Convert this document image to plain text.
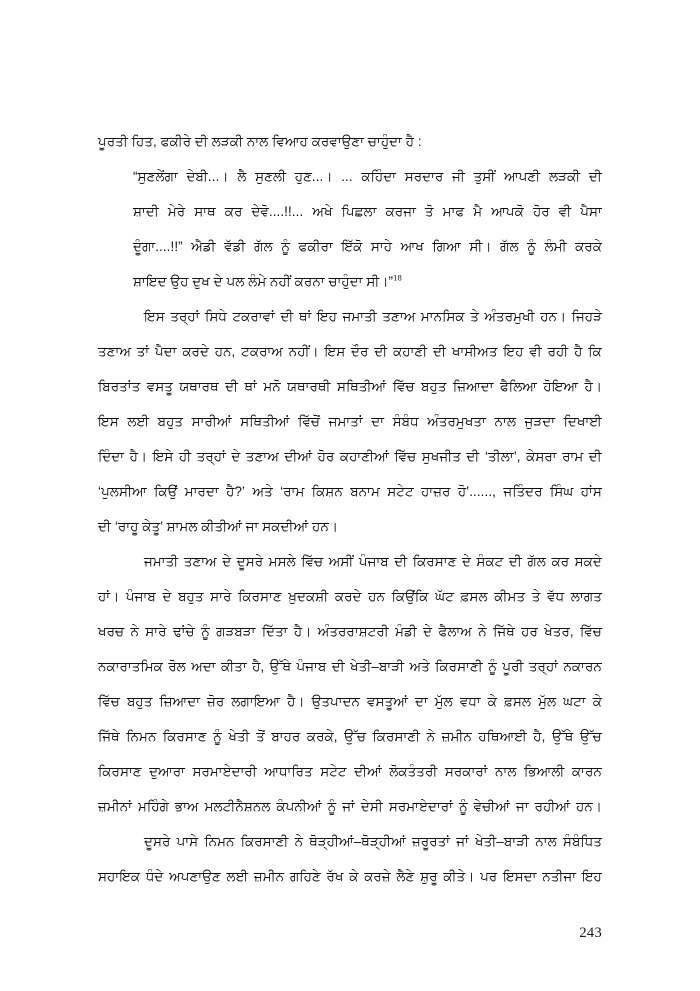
ਪੂਰਤੀ ਹਿਤ, ਫਕੀਰੇ ਦੀ ਲੜਕੀ ਨਾਲ ਵਿਆਹ ਕਰਵਾਉਣਾ ਚਾਹੁੰਦਾ ਹੈ :
“ਸੁਣਲੇਂਗਾ ਦੇਬੀ...। ਲੈ ਸੁਣਲੀ ਹੁਣ...। ... ਕਹਿੰਦਾ ਸਰਦਾਰ ਜੀ ਤੁਸੀਂ ਆਪਣੀ ਲੜਕੀ ਦੀ
ਸ਼ਾਦੀ ਮੇਰੇ ਸਾਥ ਕਰ ਦੇਵੋ....!!... ਅਖੇ ਪਿਛਲਾ ਕਰਜਾ ਤੋ ਮਾਫ ਮੈ ਆਪਕੋ ਹੋਰ ਵੀ ਪੈਸਾ
ਦੂੰਗਾ....!!” ਐਡੀ ਵੱਡੀ ਗੱਲ ਨੂੰ ਫਕੀਰਾ ਇੱਕੋ ਸਾਹੇ ਆਖ ਗਿਆ ਸੀ। ਗੱਲ ਨੂੰ ਲੰਮੀ ਕਰਕੇ
ਸ਼ਾਇਦ ਉਹ ਦੁਖ ਦੇ ਪਲ ਲੰਮੇ ਨਹੀਂ ਕਰਨਾ ਚਾਹੁੰਦਾ ਸੀ।”$^{18}$
ਇਸ ਤਰ੍ਹਾਂ ਸਿਧੇ ਟਕਰਾਵਾਂ ਦੀ ਥਾਂ ਇਹ ਜਮਾਤੀ ਤਣਾਅ ਮਾਨਸਿਕ ਤੇ ਅੰਤਰਮੁਖੀ ਹਨ। ਜਿਹੜੇ
ਤਣਾਅ ਤਾਂ ਪੈਦਾ ਕਰਦੇ ਹਨ, ਟਕਰਾਅ ਨਹੀਂ। ਇਸ ਦੌਰ ਦੀ ਕਹਾਣੀ ਦੀ ਖਾਸੀਅਤ ਇਹ ਵੀ ਰਹੀ ਹੈ ਕਿ
ਬਿਰਤਾਂਤ ਵਸਤੂ ਯਥਾਰਥ ਦੀ ਥਾਂ ਮਨੋ ਯਥਾਰਥੀ ਸਥਿਤੀਆਂ ਵਿੱਚ ਬਹੁਤ ਜ਼ਿਆਦਾ ਫੈਲਿਆ ਹੋਇਆ ਹੈ।
ਇਸ ਲਈ ਬਹੁਤ ਸਾਰੀਆਂ ਸਥਿਤੀਆਂ ਵਿੱਚੋਂ ਜਮਾਤਾਂ ਦਾ ਸੰਬੰਧ ਅੰਤਰਮੁਖਤਾ ਨਾਲ ਜੁੜਦਾ ਦਿਖਾਈ
ਦਿੰਦਾ ਹੈ। ਇਸੇ ਹੀ ਤਰ੍ਹਾਂ ਦੇ ਤਣਾਅ ਦੀਆਂ ਹੋਰ ਕਹਾਣੀਆਂ ਵਿੱਚ ਸੁਖਜੀਤ ਦੀ ‘ਤੀਲਾ’, ਕੇਸਰਾ ਰਾਮ ਦੀ
‘ਪੁਲਸੀਆ ਕਿਉਂ ਮਾਰਦਾ ਹੈ?’ ਅਤੇ ‘ਰਾਮ ਕਿਸ਼ਨ ਬਨਾਮ ਸਟੇਟ ਹਾਜ਼ਰ ਹੋ’......, ਜਤਿੰਦਰ ਸਿੰਘ ਹਾਂਸ
ਦੀ ‘ਰਾਹੂ ਕੇਤੂ’ ਸ਼ਾਮਲ ਕੀਤੀਆਂ ਜਾ ਸਕਦੀਆਂ ਹਨ।
ਜਮਾਤੀ ਤਣਾਅ ਦੇ ਦੂਸਰੇ ਮਸਲੇ ਵਿੱਚ ਅਸੀਂ ਪੰਜਾਬ ਦੀ ਕਿਰਸਾਣ ਦੇ ਸੰਕਟ ਦੀ ਗੱਲ ਕਰ ਸਕਦੇ
ਹਾਂ। ਪੰਜਾਬ ਦੇ ਬਹੁਤ ਸਾਰੇ ਕਿਰਸਾਣ ਖ਼ੁਦਕਸ਼ੀ ਕਰਦੇ ਹਨ ਕਿਉਂਕਿ ਘੱਟ ਫ਼ਸਲ ਕੀਮਤ ਤੇ ਵੱਧ ਲਾਗਤ
ਖਰਚ ਨੇ ਸਾਰੇ ਢਾਂਚੇ ਨੂੰ ਗੜਬੜਾ ਦਿੱਤਾ ਹੈ। ਅੰਤਰਰਾਸ਼ਟਰੀ ਮੰਡੀ ਦੇ ਫੈਲਾਅ ਨੇ ਜਿੱਥੇ ਹਰ ਖੇਤਰ, ਵਿੱਚ
ਨਕਾਰਾਤਮਿਕ ਰੋਲ ਅਦਾ ਕੀਤਾ ਹੈ, ਉੱਥੇ ਪੰਜਾਬ ਦੀ ਖੇਤੀ–ਬਾੜੀ ਅਤੇ ਕਿਰਸਾਣੀ ਨੂੰ ਪੂਰੀ ਤਰ੍ਹਾਂ ਨਕਾਰਨ
ਵਿੱਚ ਬਹੁਤ ਜ਼ਿਆਦਾ ਜ਼ੋਰ ਲਗਾਇਆ ਹੈ। ਉਤਪਾਦਨ ਵਸਤੂਆਂ ਦਾ ਮੁੱਲ ਵਧਾ ਕੇ ਫ਼ਸਲ ਮੁੱਲ ਘਟਾ ਕੇ
ਜਿੱਥੇ ਨਿਮਨ ਕਿਰਸਾਣ ਨੂੰ ਖੇਤੀ ਤੋਂ ਬਾਹਰ ਕਰਕੇ, ਉੱਚ ਕਿਰਸਾਣੀ ਨੇ ਜ਼ਮੀਨ ਹਥਿਆਈ ਹੈ, ਉੱਥੇ ਉੱਚ
ਕਿਰਸਾਣ ਦੁਆਰਾ ਸਰਮਾਏਦਾਰੀ ਆਧਾਰਿਤ ਸਟੇਟ ਦੀਆਂ ਲੋਕਤੰਤਰੀ ਸਰਕਾਰਾਂ ਨਾਲ ਭਿਆਲੀ ਕਾਰਨ
ਜ਼ਮੀਨਾਂ ਮਹਿੰਗੇ ਭਾਅ ਮਲਟੀਨੈਸ਼ਨਲ ਕੰਪਨੀਆਂ ਨੂੰ ਜਾਂ ਦੇਸੀ ਸਰਮਾਏਦਾਰਾਂ ਨੂੰ ਵੇਚੀਆਂ ਜਾ ਰਹੀਆਂ ਹਨ।
ਦੂਸਰੇ ਪਾਸੇ ਨਿਮਨ ਕਿਰਸਾਣੀ ਨੇ ਥੋੜ੍ਹੀਆਂ–ਥੋੜ੍ਹੀਆਂ ਜ਼ਰੂਰਤਾਂ ਜਾਂ ਖੇਤੀ–ਬਾੜੀ ਨਾਲ ਸੰਬੰਧਿਤ
ਸਹਾਇਕ ਧੰਦੇ ਅਪਣਾਉਣ ਲਈ ਜ਼ਮੀਨ ਗਹਿਣੇ ਰੱਖ ਕੇ ਕਰਜ਼ੇ ਲੈਣੇ ਸ਼ੁਰੂ ਕੀਤੇ। ਪਰ ਇਸਦਾ ਨਤੀਜਾ ਇਹ
243
